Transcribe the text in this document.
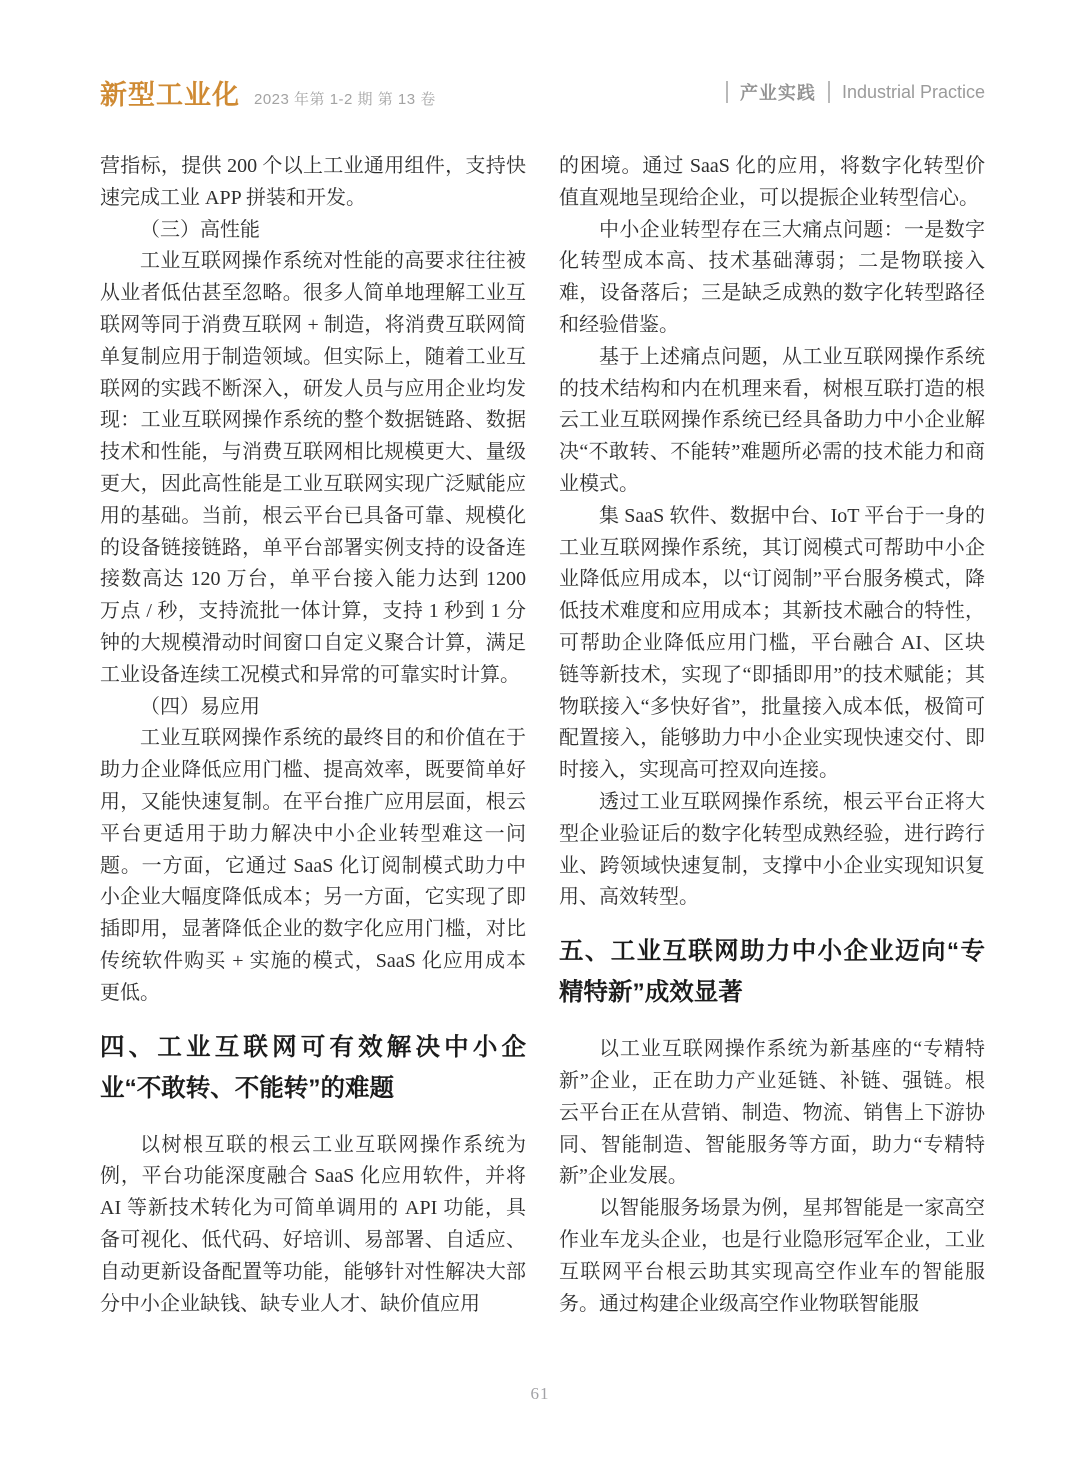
新型工业化 2023 年第 1-2 期 第 13 卷	产业实践 Industrial Practice

营指标，提供 200 个以上工业通用组件，支持快速完成工业 APP 拼装和开发。

（三）高性能

工业互联网操作系统对性能的高要求往往被从业者低估甚至忽略。很多人简单地理解工业互联网等同于消费互联网 + 制造，将消费互联网简单复制应用于制造领域。但实际上，随着工业互联网的实践不断深入，研发人员与应用企业均发现：工业互联网操作系统的整个数据链路、数据技术和性能，与消费互联网相比规模更大、量级更大，因此高性能是工业互联网实现广泛赋能应用的基础。当前，根云平台已具备可靠、规模化的设备链接链路，单平台部署实例支持的设备连接数高达 120 万台，单平台接入能力达到 1200 万点 / 秒，支持流批一体计算，支持 1 秒到 1 分钟的大规模滑动时间窗口自定义聚合计算，满足工业设备连续工况模式和异常的可靠实时计算。

（四）易应用

工业互联网操作系统的最终目的和价值在于助力企业降低应用门槛、提高效率，既要简单好用，又能快速复制。在平台推广应用层面，根云平台更适用于助力解决中小企业转型难这一问题。一方面，它通过 SaaS 化订阅制模式助力中小企业大幅度降低成本；另一方面，它实现了即插即用，显著降低企业的数字化应用门槛，对比传统软件购买 + 实施的模式，SaaS 化应用成本更低。

四、工业互联网可有效解决中小企业“不敢转、不能转”的难题

以树根互联的根云工业互联网操作系统为例，平台功能深度融合 SaaS 化应用软件，并将 AI 等新技术转化为可简单调用的 API 功能，具备可视化、低代码、好培训、易部署、自适应、自动更新设备配置等功能，能够针对性解决大部分中小企业缺钱、缺专业人才、缺价值应用

的困境。通过 SaaS 化的应用，将数字化转型价值直观地呈现给企业，可以提振企业转型信心。

中小企业转型存在三大痛点问题：一是数字化转型成本高、技术基础薄弱；二是物联接入难，设备落后；三是缺乏成熟的数字化转型路径和经验借鉴。

基于上述痛点问题，从工业互联网操作系统的技术结构和内在机理来看，树根互联打造的根云工业互联网操作系统已经具备助力中小企业解决“不敢转、不能转”难题所必需的技术能力和商业模式。

集 SaaS 软件、数据中台、IoT 平台于一身的工业互联网操作系统，其订阅模式可帮助中小企业降低应用成本，以“订阅制”平台服务模式，降低技术难度和应用成本；其新技术融合的特性，可帮助企业降低应用门槛，平台融合 AI、区块链等新技术，实现了“即插即用”的技术赋能；其物联接入“多快好省”，批量接入成本低，极简可配置接入，能够助力中小企业实现快速交付、即时接入，实现高可控双向连接。

透过工业互联网操作系统，根云平台正将大型企业验证后的数字化转型成熟经验，进行跨行业、跨领域快速复制，支撑中小企业实现知识复用、高效转型。

五、工业互联网助力中小企业迈向“专精特新”成效显著

以工业互联网操作系统为新基座的“专精特新”企业，正在助力产业延链、补链、强链。根云平台正在从营销、制造、物流、销售上下游协同、智能制造、智能服务等方面，助力“专精特新”企业发展。

以智能服务场景为例，星邦智能是一家高空作业车龙头企业，也是行业隐形冠军企业，工业互联网平台根云助其实现高空作业车的智能服务。通过构建企业级高空作业物联智能服

61
